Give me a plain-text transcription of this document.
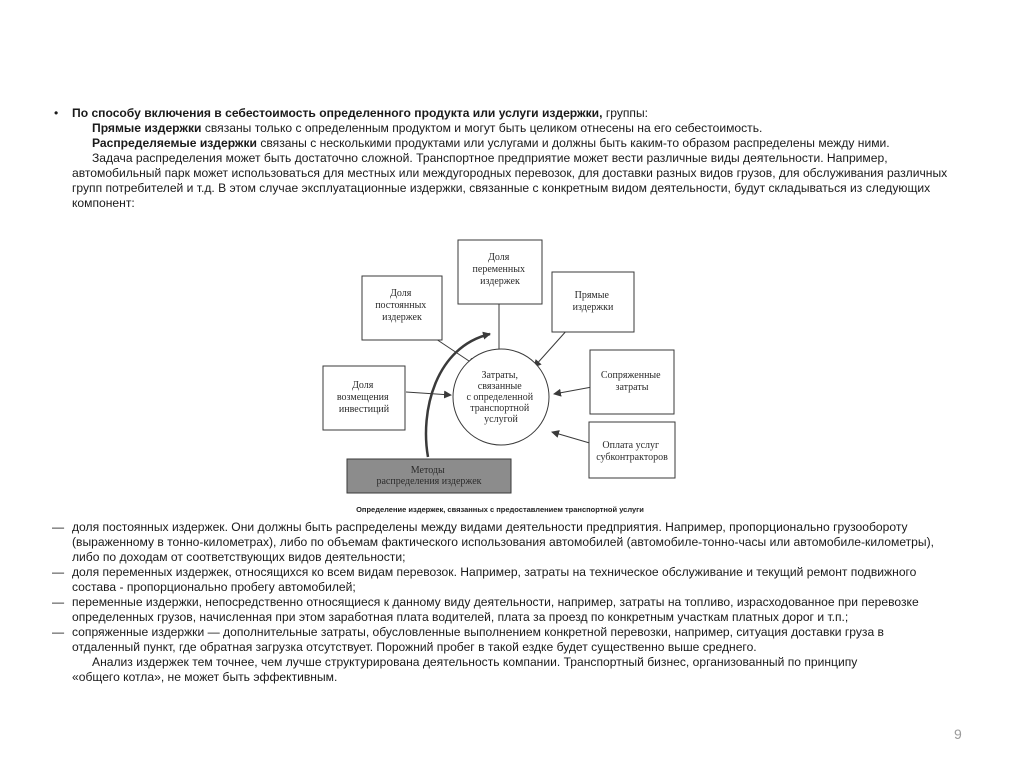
• По способу включения в себестоимость определенного продукта или услуги издержки, группы:

Прямые издержки связаны только с определенным продуктом и могут быть целиком отнесены на его себестоимость.

Распределяемые издержки связаны с несколькими продуктами или услугами и должны быть каким-то образом распределены между ними.

Задача распределения может быть достаточно сложной. Транспортное предприятие может вести различные виды деятельности. Например,
автомобильный парк может использоваться для местных или междугородных перевозок, для доставки разных видов грузов, для обслуживания различных групп потребителей и т.д. В этом случае эксплуатационные издержки, связанные с конкретным видом деятельности, будут складываться из следующих компонент:
Затраты, связанные с определенной транспортной услугой
Доля переменных издержек
Доля постоянных издержек
Прямые издержки
Доля возмещения инвестиций
Сопряженные затраты
Оплата услуг субконтракторов
Методы распределения издержек
Определение издержек, связанных с предоставлением транспортной услуги

— доля постоянных издержек. Они должны быть распределены между видами деятельности предприятия. Например, пропорционально грузообороту (выраженному в тонно-километрах), либо по объемам фактического использования автомобилей (автомобиле-тонно-часы или автомобиле-километры), либо по доходам от соответствующих видов деятельности;

— доля переменных издержек, относящихся ко всем видам перевозок. Например, затраты на техническое обслуживание и текущий ремонт подвижного состава - пропорционально пробегу автомобилей;

— переменные издержки, непосредственно относящиеся к данному виду деятельности, например, затраты на топливо, израсходованное при перевозке определенных грузов, начисленная при этом заработная плата водителей, плата за проезд по конкретным участкам платных дорог и т.п.;

— сопряженные издержки — дополнительные затраты, обусловленные выполнением конкретной перевозки, например, ситуация доставки груза в отдаленный пункт, где обратная загрузка отсутствует. Порожний пробег в такой ездке будет существенно выше среднего.

Анализ издержек тем точнее, чем лучше структурирована деятельность компании. Транспортный бизнес, организованный по принципу
«общего котла», не может быть эффективным.
9
